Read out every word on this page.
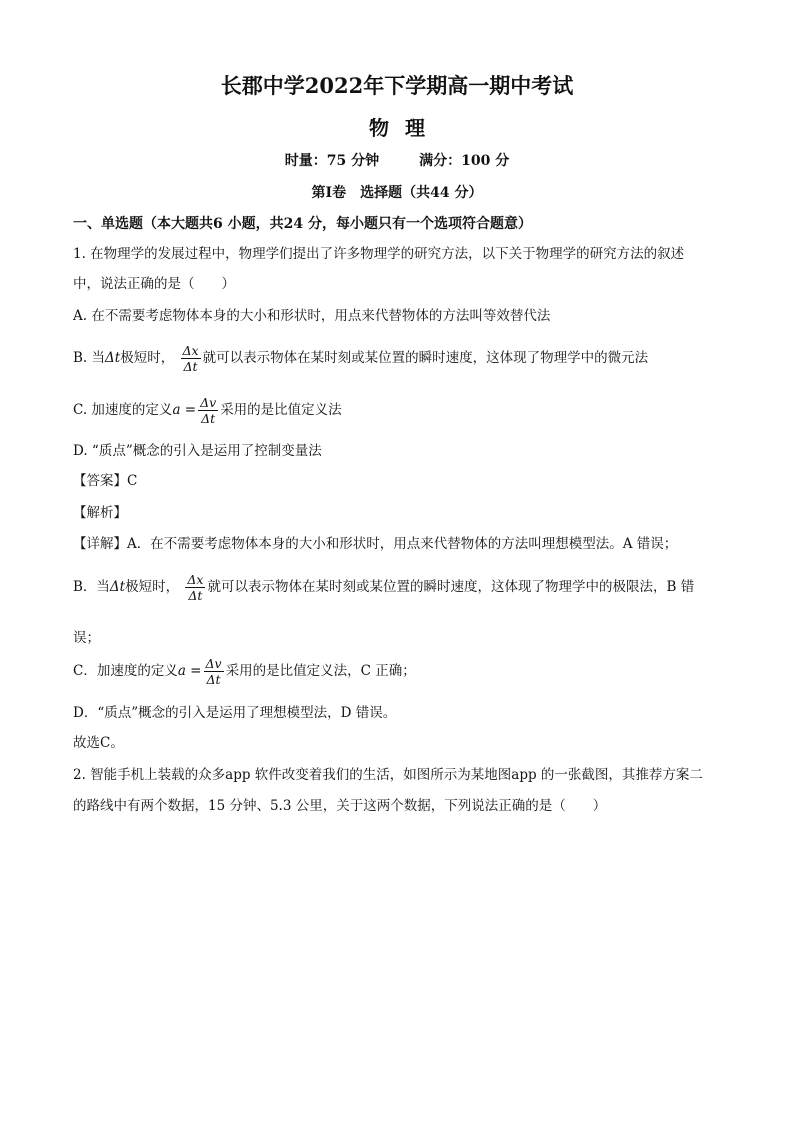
长郡中学2022年下学期高一期中考试
物理
时量：75 分钟	满分：100 分
第Ⅰ卷　选择题（共44 分）
一、单选题（本大题共6 小题，共24 分，每小题只有一个选项符合题意）
1. 在物理学的发展过程中，物理学们提出了许多物理学的研究方法，以下关于物理学的研究方法的叙述
中，说法正确的是（　　）
A. 在不需要考虑物体本身的大小和形状时，用点来代替物体的方法叫等效替代法
B. 当Δt极短时， $\frac{\Delta x}{\Delta t}$ 就可以表示物体在某时刻或某位置的瞬时速度，这体现了物理学中的微元法
C. 加速度的定义$a = \frac{\Delta v}{\Delta t}$ 采用的是比值定义法
D. “质点”概念的引入是运用了控制变量法
【答案】C
【解析】
【详解】A．在不需要考虑物体本身的大小和形状时，用点来代替物体的方法叫理想模型法。A 错误；
B．当Δt极短时， $\frac{\Delta x}{\Delta t}$ 就可以表示物体在某时刻或某位置的瞬时速度，这体现了物理学中的极限法，B 错
误；
C．加速度的定义$a = \frac{\Delta v}{\Delta t}$ 采用的是比值定义法，C 正确；
D．“质点”概念的引入是运用了理想模型法，D 错误。
故选C。
2. 智能手机上装载的众多app 软件改变着我们的生活，如图所示为某地图app 的一张截图，其推荐方案二
的路线中有两个数据，15 分钟、5.3 公里，关于这两个数据，下列说法正确的是（　　）
